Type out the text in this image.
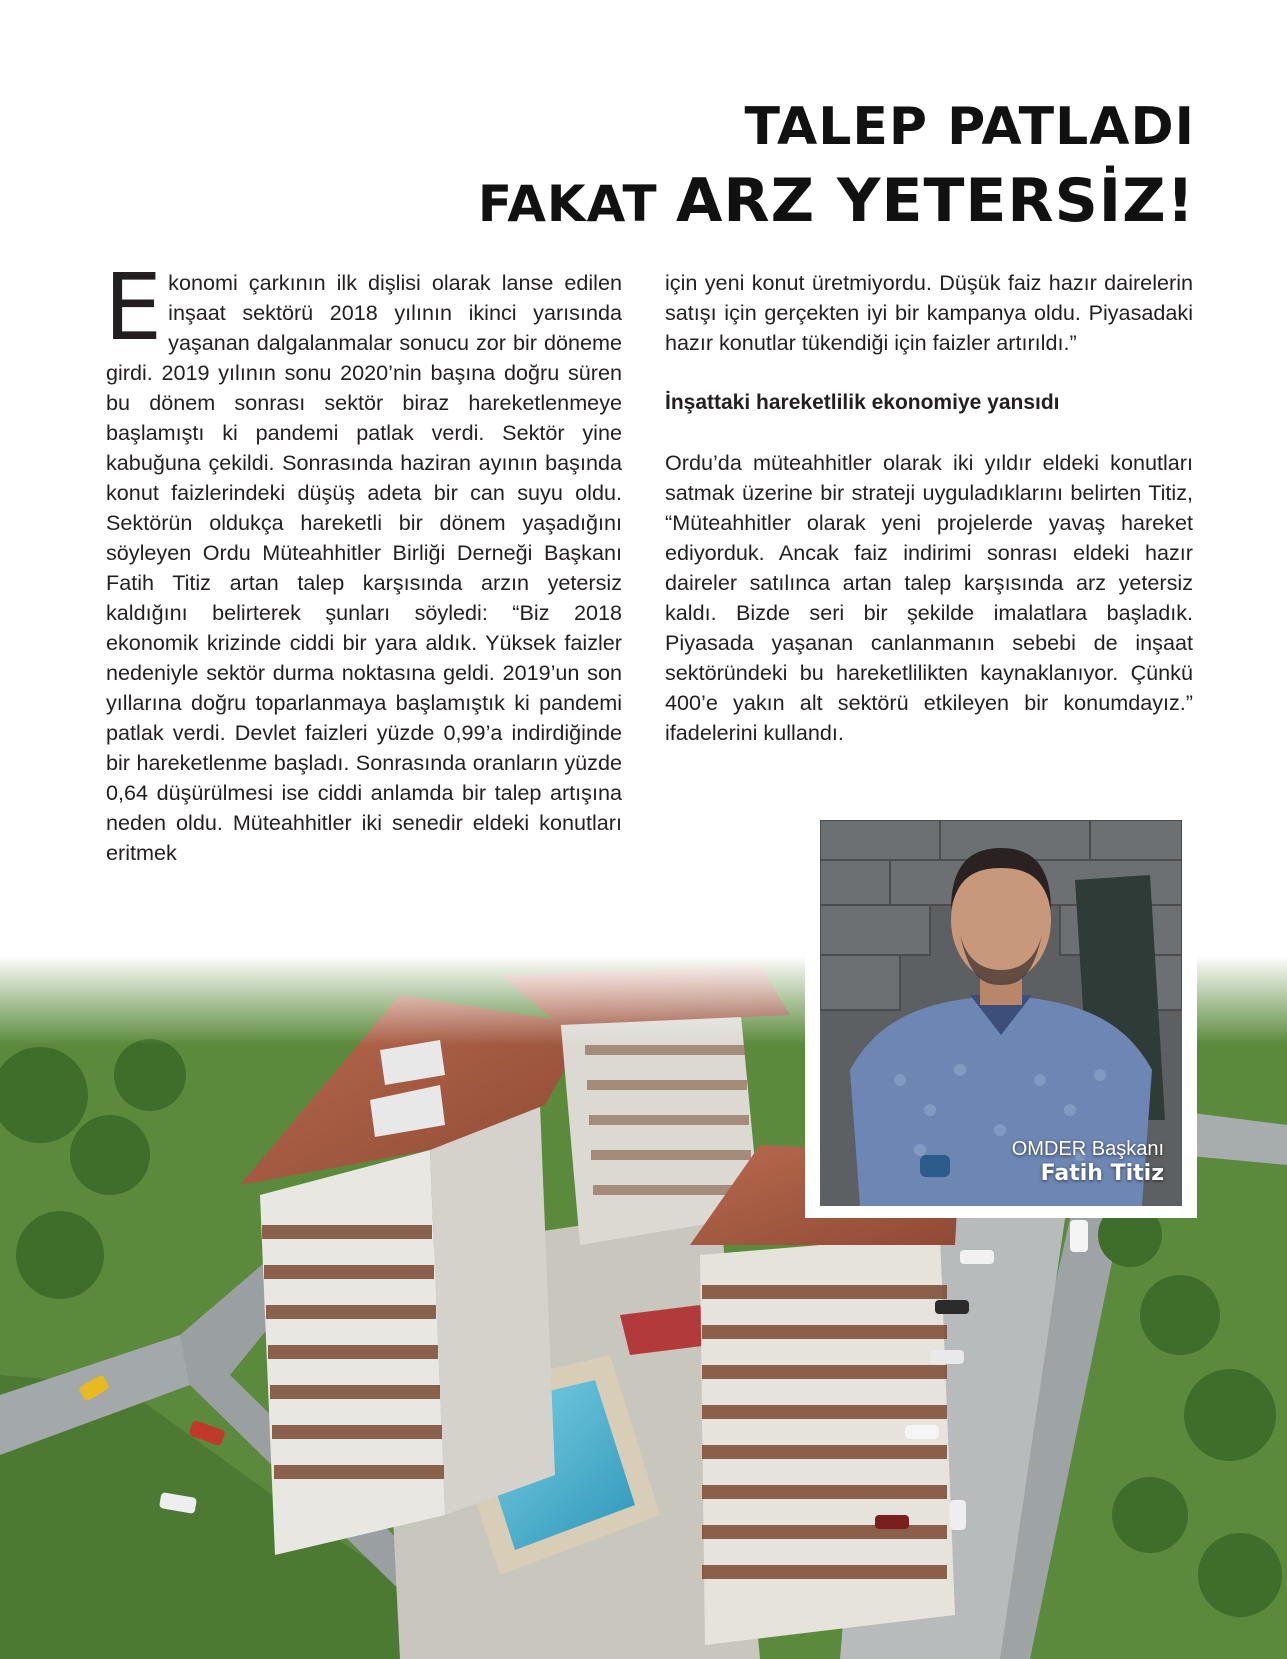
TALEP PATLADI
FAKAT ARZ YETERSİZ!

Ekonomi çarkının ilk dişlisi olarak lanse edilen inşaat sektörü 2018 yılının ikinci yarısında yaşanan dalgalanmalar sonucu zor bir döneme girdi. 2019 yılının sonu 2020’nin başına doğru süren bu dönem sonrası sektör biraz hareketlenmeye başlamıştı ki pandemi patlak verdi. Sektör yine kabuğuna çekildi. Sonrasında haziran ayının başında konut faizlerindeki düşüş adeta bir can suyu oldu. Sektörün oldukça hareketli bir dönem yaşadığını söyleyen Ordu Müteahhitler Birliği Derneği Başkanı Fatih Titiz artan talep karşısında arzın yetersiz kaldığını belirterek şunları söyledi: “Biz 2018 ekonomik krizinde ciddi bir yara aldık. Yüksek faizler nedeniyle sektör durma noktasına geldi. 2019’un son yıllarına doğru toparlanmaya başlamıştık ki pandemi patlak verdi. Devlet faizleri yüzde 0,99’a indirdiğinde bir hareketlenme başladı. Sonrasında oranların yüzde 0,64 düşürülmesi ise ciddi anlamda bir talep artışına neden oldu. Müteahhitler iki senedir eldeki konutları eritmek

için yeni konut üretmiyordu. Düşük faiz hazır dairelerin satışı için gerçekten iyi bir kampanya oldu. Piyasadaki hazır konutlar tükendiği için faizler artırıldı.”

İnşattaki hareketlilik ekonomiye yansıdı

Ordu’da müteahhitler olarak iki yıldır eldeki konutları satmak üzerine bir strateji uyguladıklarını belirten Titiz, “Müteahhitler olarak yeni projelerde yavaş hareket ediyorduk. Ancak faiz indirimi sonrası eldeki hazır daireler satılınca artan talep karşısında arz yetersiz kaldı. Bizde seri bir şekilde imalatlara başladık. Piyasada yaşanan canlanmanın sebebi de inşaat sektöründeki bu hareketlilikten kaynaklanıyor. Çünkü 400’e yakın alt sektörü etkileyen bir konumdayız.” ifadelerini kullandı.

OMDER Başkanı
Fatih Titiz
